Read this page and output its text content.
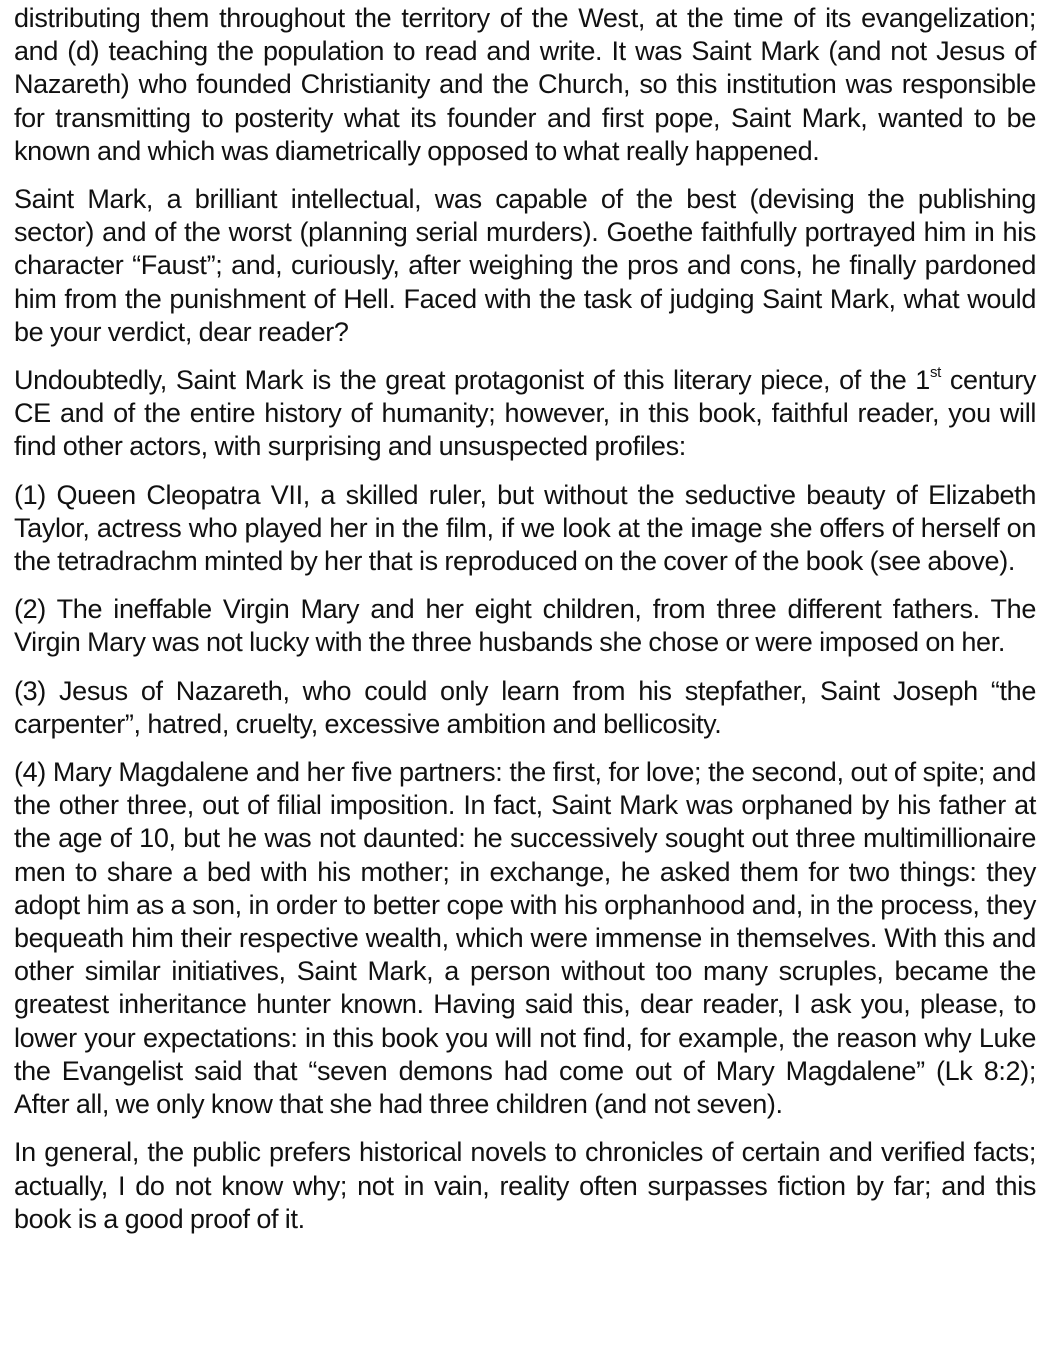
distributing them throughout the territory of the West, at the time of its evangelization; and (d) teaching the population to read and write. It was Saint Mark (and not Jesus of Nazareth) who founded Christianity and the Church, so this institution was responsible for transmitting to posterity what its founder and first pope, Saint Mark, wanted to be known and which was diametrically opposed to what really happened.

Saint Mark, a brilliant intellectual, was capable of the best (devising the publishing sector) and of the worst (planning serial murders). Goethe faithfully portrayed him in his character “Faust”; and, curiously, after weighing the pros and cons, he finally pardoned him from the punishment of Hell. Faced with the task of judging Saint Mark, what would be your verdict, dear reader?

Undoubtedly, Saint Mark is the great protagonist of this literary piece, of the 1st century CE and of the entire history of humanity; however, in this book, faithful reader, you will find other actors, with surprising and unsuspected profiles:

(1) Queen Cleopatra VII, a skilled ruler, but without the seductive beauty of Elizabeth Taylor, actress who played her in the film, if we look at the image she offers of herself on the tetradrachm minted by her that is reproduced on the cover of the book (see above).

(2) The ineffable Virgin Mary and her eight children, from three different fathers. The Virgin Mary was not lucky with the three husbands she chose or were imposed on her.

(3) Jesus of Nazareth, who could only learn from his stepfather, Saint Joseph “the carpenter”, hatred, cruelty, excessive ambition and bellicosity.

(4) Mary Magdalene and her five partners: the first, for love; the second, out of spite; and the other three, out of filial imposition. In fact, Saint Mark was orphaned by his father at the age of 10, but he was not daunted: he successively sought out three multimillionaire men to share a bed with his mother; in exchange, he asked them for two things: they adopt him as a son, in order to better cope with his orphanhood and, in the process, they bequeath him their respective wealth, which were immense in themselves. With this and other similar initiatives, Saint Mark, a person without too many scruples, became the greatest inheritance hunter known. Having said this, dear reader, I ask you, please, to lower your expectations: in this book you will not find, for example, the reason why Luke the Evangelist said that “seven demons had come out of Mary Magdalene” (Lk 8:2); After all, we only know that she had three children (and not seven).

In general, the public prefers historical novels to chronicles of certain and verified facts; actually, I do not know why; not in vain, reality often surpasses fiction by far; and this book is a good proof of it.
